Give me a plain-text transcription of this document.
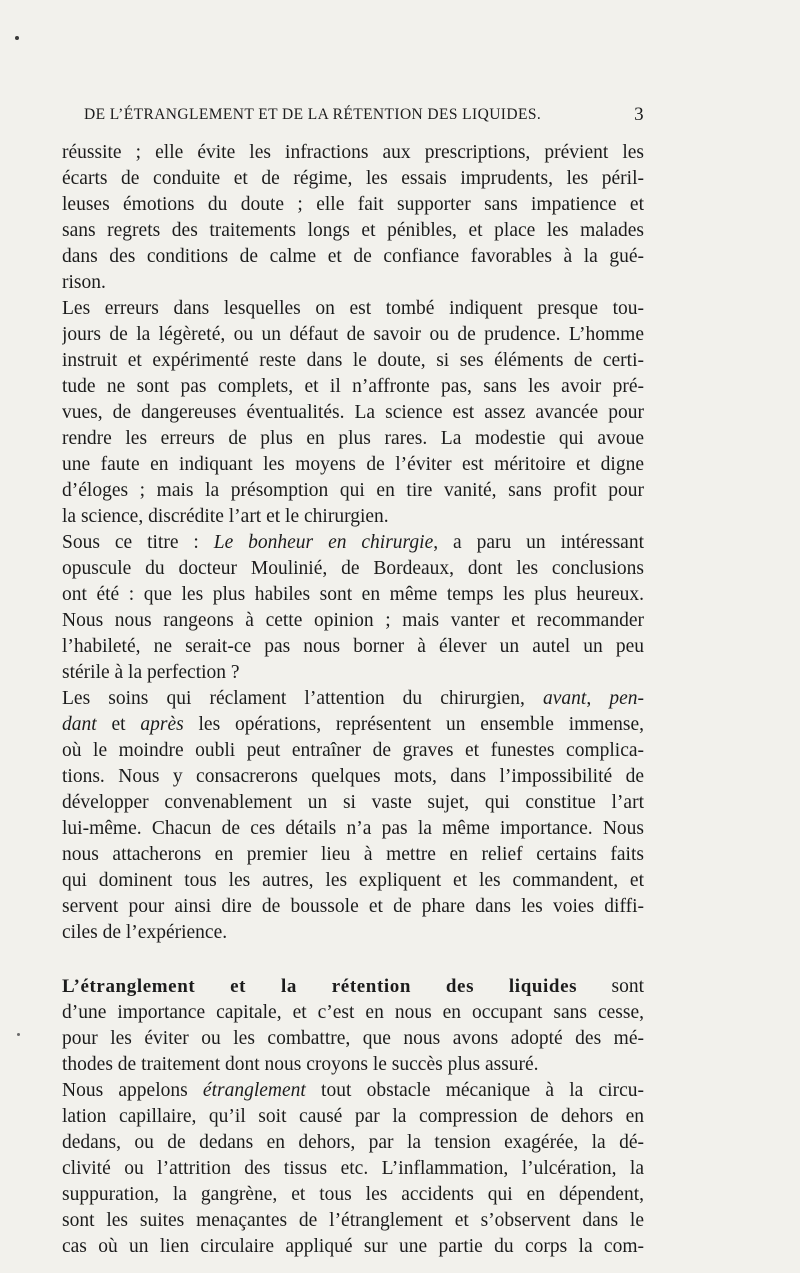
DE L’ÉTRANGLEMENT ET DE LA RÉTENTION DES LIQUIDES.	3
réussite ; elle évite les infractions aux prescriptions, prévient les
écarts de conduite et de régime, les essais imprudents, les péril-
leuses émotions du doute ; elle fait supporter sans impatience et
sans regrets des traitements longs et pénibles, et place les malades
dans des conditions de calme et de confiance favorables à la gué-
rison.
Les erreurs dans lesquelles on est tombé indiquent presque tou-
jours de la légèreté, ou un défaut de savoir ou de prudence. L’homme
instruit et expérimenté reste dans le doute, si ses éléments de certi-
tude ne sont pas complets, et il n’affronte pas, sans les avoir pré-
vues, de dangereuses éventualités. La science est assez avancée pour
rendre les erreurs de plus en plus rares. La modestie qui avoue
une faute en indiquant les moyens de l’éviter est méritoire et digne
d’éloges ; mais la présomption qui en tire vanité, sans profit pour
la science, discrédite l’art et le chirurgien.
Sous ce titre : Le bonheur en chirurgie, a paru un intéressant
opuscule du docteur Moulinié, de Bordeaux, dont les conclusions
ont été : que les plus habiles sont en même temps les plus heureux.
Nous nous rangeons à cette opinion ; mais vanter et recommander
l’habileté, ne serait-ce pas nous borner à élever un autel un peu
stérile à la perfection ?
Les soins qui réclament l’attention du chirurgien, avant, pen-
dant et après les opérations, représentent un ensemble immense,
où le moindre oubli peut entraîner de graves et funestes complica-
tions. Nous y consacrerons quelques mots, dans l’impossibilité de
développer convenablement un si vaste sujet, qui constitue l’art
lui-même. Chacun de ces détails n’a pas la même importance. Nous
nous attacherons en premier lieu à mettre en relief certains faits
qui dominent tous les autres, les expliquent et les commandent, et
servent pour ainsi dire de boussole et de phare dans les voies diffi-
ciles de l’expérience.
L’étranglement et la rétention des liquides sont
d’une importance capitale, et c’est en nous en occupant sans cesse,
pour les éviter ou les combattre, que nous avons adopté des mé-
thodes de traitement dont nous croyons le succès plus assuré.
Nous appelons étranglement tout obstacle mécanique à la circu-
lation capillaire, qu’il soit causé par la compression de dehors en
dedans, ou de dedans en dehors, par la tension exagérée, la dé-
clivité ou l’attrition des tissus etc. L’inflammation, l’ulcération, la
suppuration, la gangrène, et tous les accidents qui en dépendent,
sont les suites menaçantes de l’étranglement et s’observent dans le
cas où un lien circulaire appliqué sur une partie du corps la com-
